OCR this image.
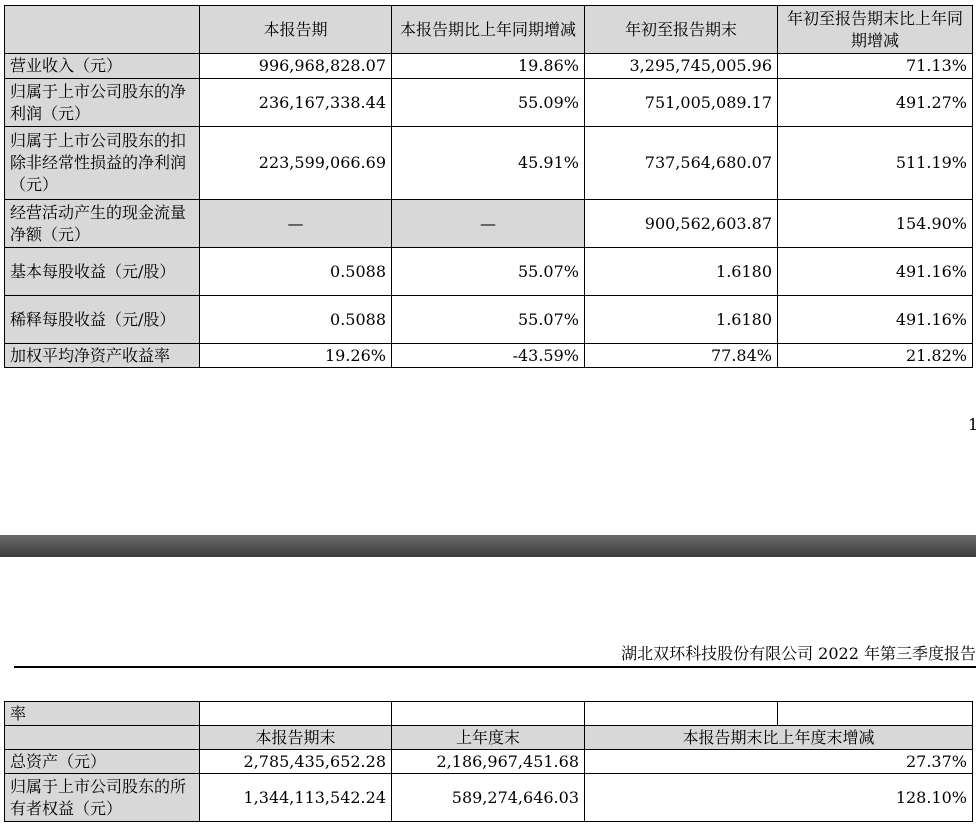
	本报告期	本报告期比上年同期增减	年初至报告期末	年初至报告期末比上年同期增减
营业收入（元）	996,968,828.07	19.86%	3,295,745,005.96	71.13%
归属于上市公司股东的净利润（元）	236,167,338.44	55.09%	751,005,089.17	491.27%
归属于上市公司股东的扣除非经常性损益的净利润（元）	223,599,066.69	45.91%	737,564,680.07	511.19%
经营活动产生的现金流量净额（元）	—	—	900,562,603.87	154.90%
基本每股收益（元/股）	0.5088	55.07%	1.6180	491.16%
稀释每股收益（元/股）	0.5088	55.07%	1.6180	491.16%
加权平均净资产收益率	19.26%	-43.59%	77.84%	21.82%
1
湖北双环科技股份有限公司 2022 年第三季度报告
率				
	本报告期末	上年度末	本报告期末比上年度末增减	
总资产（元）	2,785,435,652.28	2,186,967,451.68	27.37%	
归属于上市公司股东的所有者权益（元）	1,344,113,542.24	589,274,646.03	128.10%	
